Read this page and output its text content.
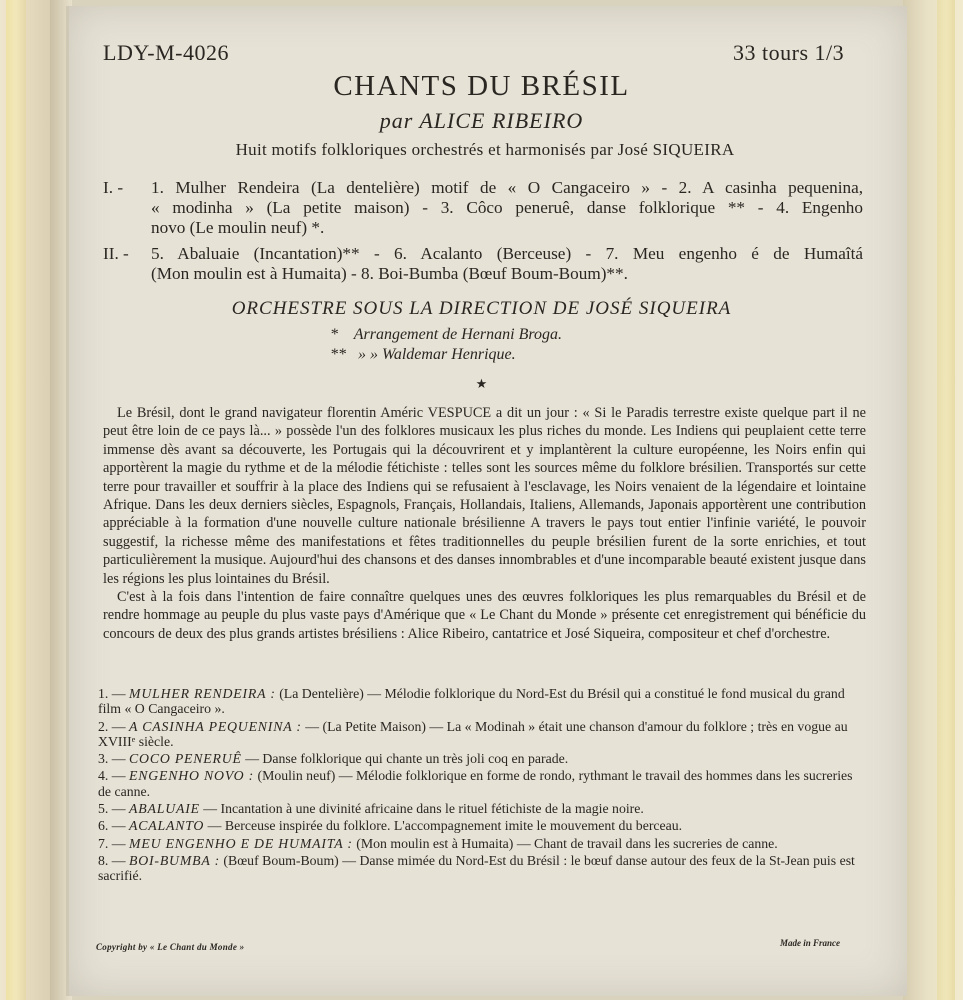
LDY-M-4026	33 tours 1/3
CHANTS DU BRÉSIL
par ALICE RIBEIRO
Huit motifs folkloriques orchestrés et harmonisés par José SIQUEIRA
I. - 1. Mulher Rendeira (La dentelière) motif de « O Cangaceiro » - 2. A casinha pequenina,
« modinha » (La petite maison) - 3. Côco peneruê, danse folklorique ** - 4. Engenho
novo (Le moulin neuf) *.
II. - 5. Abaluaie (Incantation)** - 6. Acalanto (Berceuse) - 7. Meu engenho é de Humaîtá
(Mon moulin est à Humaita) - 8. Boi-Bumba (Bœuf Boum-Boum)**.
ORCHESTRE SOUS LA DIRECTION DE JOSÉ SIQUEIRA
* Arrangement de Hernani Broga.
** » » Waldemar Henrique.
★

Le Brésil, dont le grand navigateur florentin Améric VESPUCE a dit un jour : « Si le Paradis terrestre existe quelque part il ne peut être loin de ce pays là... » possède l'un des folklores musicaux les plus riches du monde. Les Indiens qui peuplaient cette terre immense dès avant sa découverte, les Portugais qui la découvrirent et y implantèrent la culture européenne, les Noirs enfin qui apportèrent la magie du rythme et de la mélodie fétichiste : telles sont les sources même du folklore brésilien. Transportés sur cette terre pour travailler et souffrir à la place des Indiens qui se refusaient à l'esclavage, les Noirs venaient de la légendaire et lointaine Afrique. Dans les deux derniers siècles, Espagnols, Français, Hollandais, Italiens, Allemands, Japonais apportèrent une contribution appréciable à la formation d'une nouvelle culture nationale brésilienne A travers le pays tout entier l'infinie variété, le pouvoir suggestif, la richesse même des manifestations et fêtes traditionnelles du peuple brésilien furent de la sorte enrichies, et tout particulièrement la musique. Aujourd'hui des chansons et des danses innombrables et d'une incomparable beauté existent jusque dans les régions les plus lointaines du Brésil.

C'est à la fois dans l'intention de faire connaître quelques unes des œuvres folkloriques les plus remarquables du Brésil et de rendre hommage au peuple du plus vaste pays d'Amérique que « Le Chant du Monde » présente cet enregistrement qui bénéficie du concours de deux des plus grands artistes brésiliens : Alice Ribeiro, cantatrice et José Siqueira, compositeur et chef d'orchestre.

1. — MULHER RENDEIRA : (La Dentelière) — Mélodie folklorique du Nord-Est du Brésil qui a constitué le fond musical du grand film « O Cangaceiro ».
2. — A CASINHA PEQUENINA : — (La Petite Maison) — La « Modinah » était une chanson d'amour du folklore ; très en vogue au XVIIIᵉ siècle.
3. — COCO PENERUÊ — Danse folklorique qui chante un très joli coq en parade.
4. — ENGENHO NOVO : (Moulin neuf) — Mélodie folklorique en forme de rondo, rythmant le travail des hommes dans les sucreries de canne.
5. — ABALUAIE — Incantation à une divinité africaine dans le rituel fétichiste de la magie noire.
6. — ACALANTO — Berceuse inspirée du folklore. L'accompagnement imite le mouvement du berceau.
7. — MEU ENGENHO E DE HUMAITA : (Mon moulin est à Humaita) — Chant de travail dans les sucreries de canne.
8. — BOI-BUMBA : (Bœuf Boum-Boum) — Danse mimée du Nord-Est du Brésil : le bœuf danse autour des feux de la St-Jean puis est sacrifié.
Copyright by « Le Chant du Monde »	Made in France
